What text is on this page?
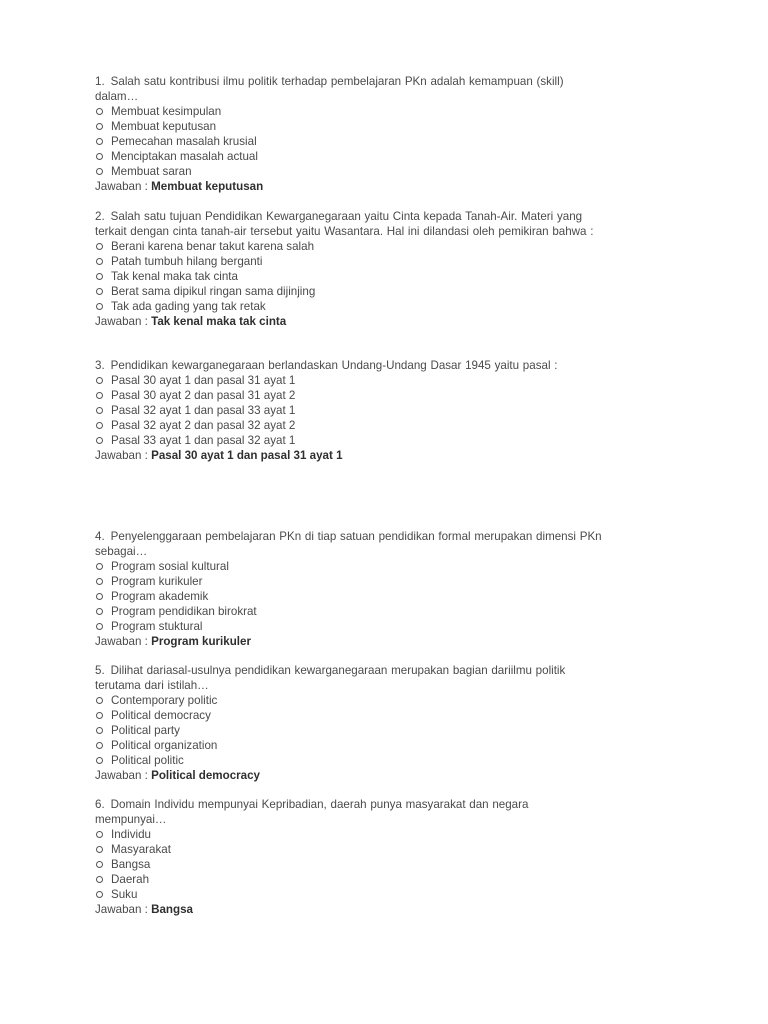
1. Salah satu kontribusi ilmu politik terhadap pembelajaran PKn adalah kemampuan (skill) dalam…

Membuat kesimpulan
Membuat keputusan
Pemecahan masalah krusial
Menciptakan masalah actual
Membuat saran

Jawaban : Membuat keputusan

2. Salah satu tujuan Pendidikan Kewarganegaraan yaitu Cinta kepada Tanah-Air. Materi yang terkait dengan cinta tanah-air tersebut yaitu Wasantara. Hal ini dilandasi oleh pemikiran bahwa :

Berani karena benar takut karena salah
Patah tumbuh hilang berganti
Tak kenal maka tak cinta
Berat sama dipikul ringan sama dijinjing
Tak ada gading yang tak retak

Jawaban : Tak kenal maka tak cinta

3. Pendidikan kewarganegaraan berlandaskan Undang-Undang Dasar 1945 yaitu pasal :

Pasal 30 ayat 1 dan pasal 31 ayat 1
Pasal 30 ayat 2 dan pasal 31 ayat 2
Pasal 32 ayat 1 dan pasal 33 ayat 1
Pasal 32 ayat 2 dan pasal 32 ayat 2
Pasal 33 ayat 1 dan pasal 32 ayat 1

Jawaban : Pasal 30 ayat 1 dan pasal 31 ayat 1

4. Penyelenggaraan pembelajaran PKn di tiap satuan pendidikan formal merupakan dimensi PKn sebagai…

Program sosial kultural
Program kurikuler
Program akademik
Program pendidikan birokrat
Program stuktural

Jawaban : Program kurikuler

5. Dilihat dariasal-usulnya pendidikan kewarganegaraan merupakan bagian dariilmu politik terutama dari istilah…

Contemporary politic
Political democracy
Political party
Political organization
Political politic

Jawaban : Political democracy

6. Domain Individu mempunyai Kepribadian, daerah punya masyarakat dan negara mempunyai…

Individu
Masyarakat
Bangsa
Daerah
Suku

Jawaban : Bangsa
